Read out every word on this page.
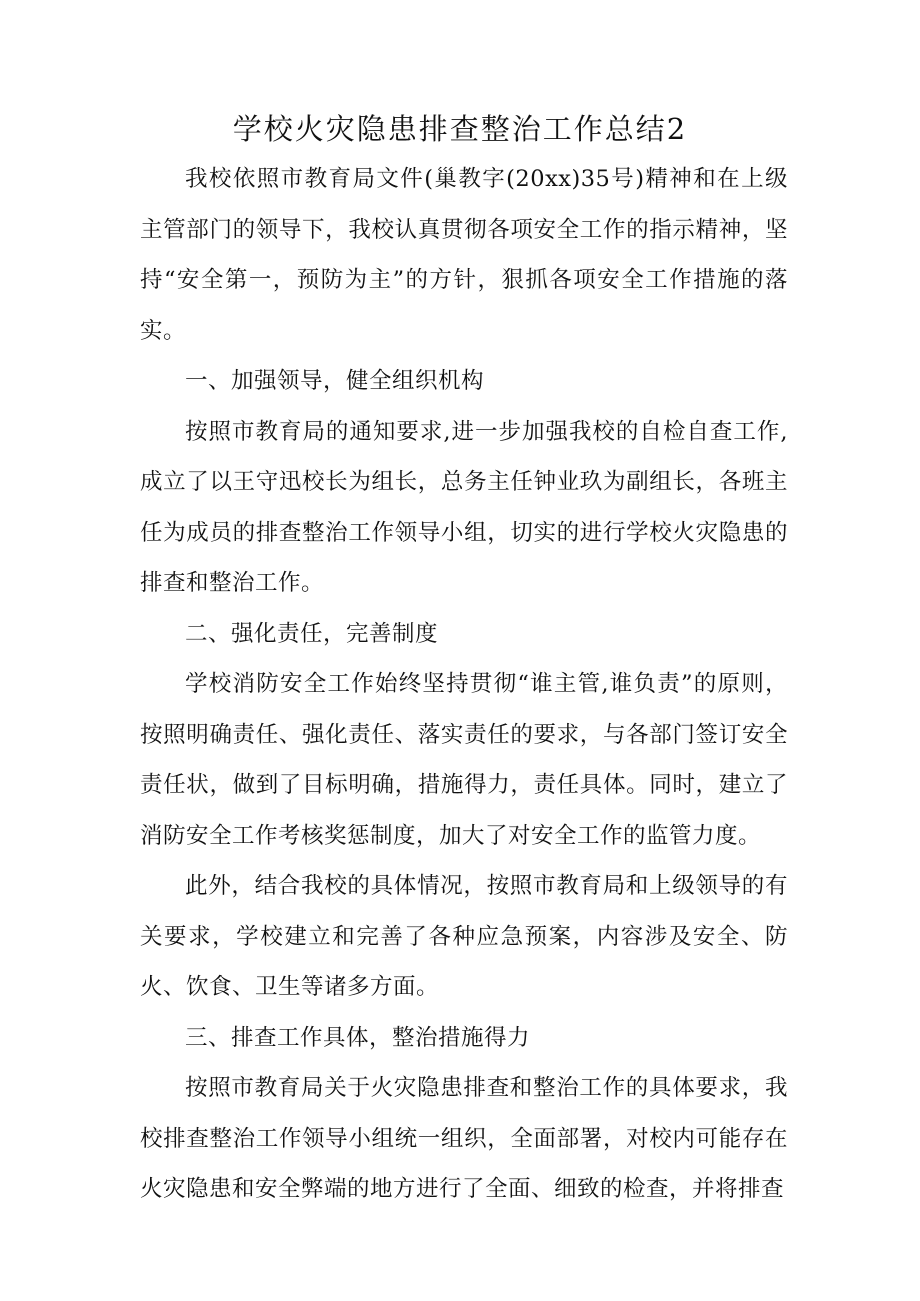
学校火灾隐患排查整治工作总结2

我校依照市教育局文件(巢教字(20xx)35号)精神和在上级主管部门的领导下，我校认真贯彻各项安全工作的指示精神，坚持“安全第一，预防为主”的方针，狠抓各项安全工作措施的落实。

一、加强领导，健全组织机构

按照市教育局的通知要求,进一步加强我校的自检自查工作,成立了以王守迅校长为组长，总务主任钟业玖为副组长，各班主任为成员的排查整治工作领导小组，切实的进行学校火灾隐患的排查和整治工作。

二、强化责任，完善制度

学校消防安全工作始终坚持贯彻“谁主管,谁负责”的原则，按照明确责任、强化责任、落实责任的要求，与各部门签订安全责任状，做到了目标明确，措施得力，责任具体。同时，建立了消防安全工作考核奖惩制度，加大了对安全工作的监管力度。

此外，结合我校的具体情况，按照市教育局和上级领导的有关要求，学校建立和完善了各种应急预案，内容涉及安全、防火、饮食、卫生等诸多方面。

三、排查工作具体，整治措施得力

按照市教育局关于火灾隐患排查和整治工作的具体要求，我校排查整治工作领导小组统一组织，全面部署，对校内可能存在火灾隐患和安全弊端的地方进行了全面、细致的检查，并将排查
